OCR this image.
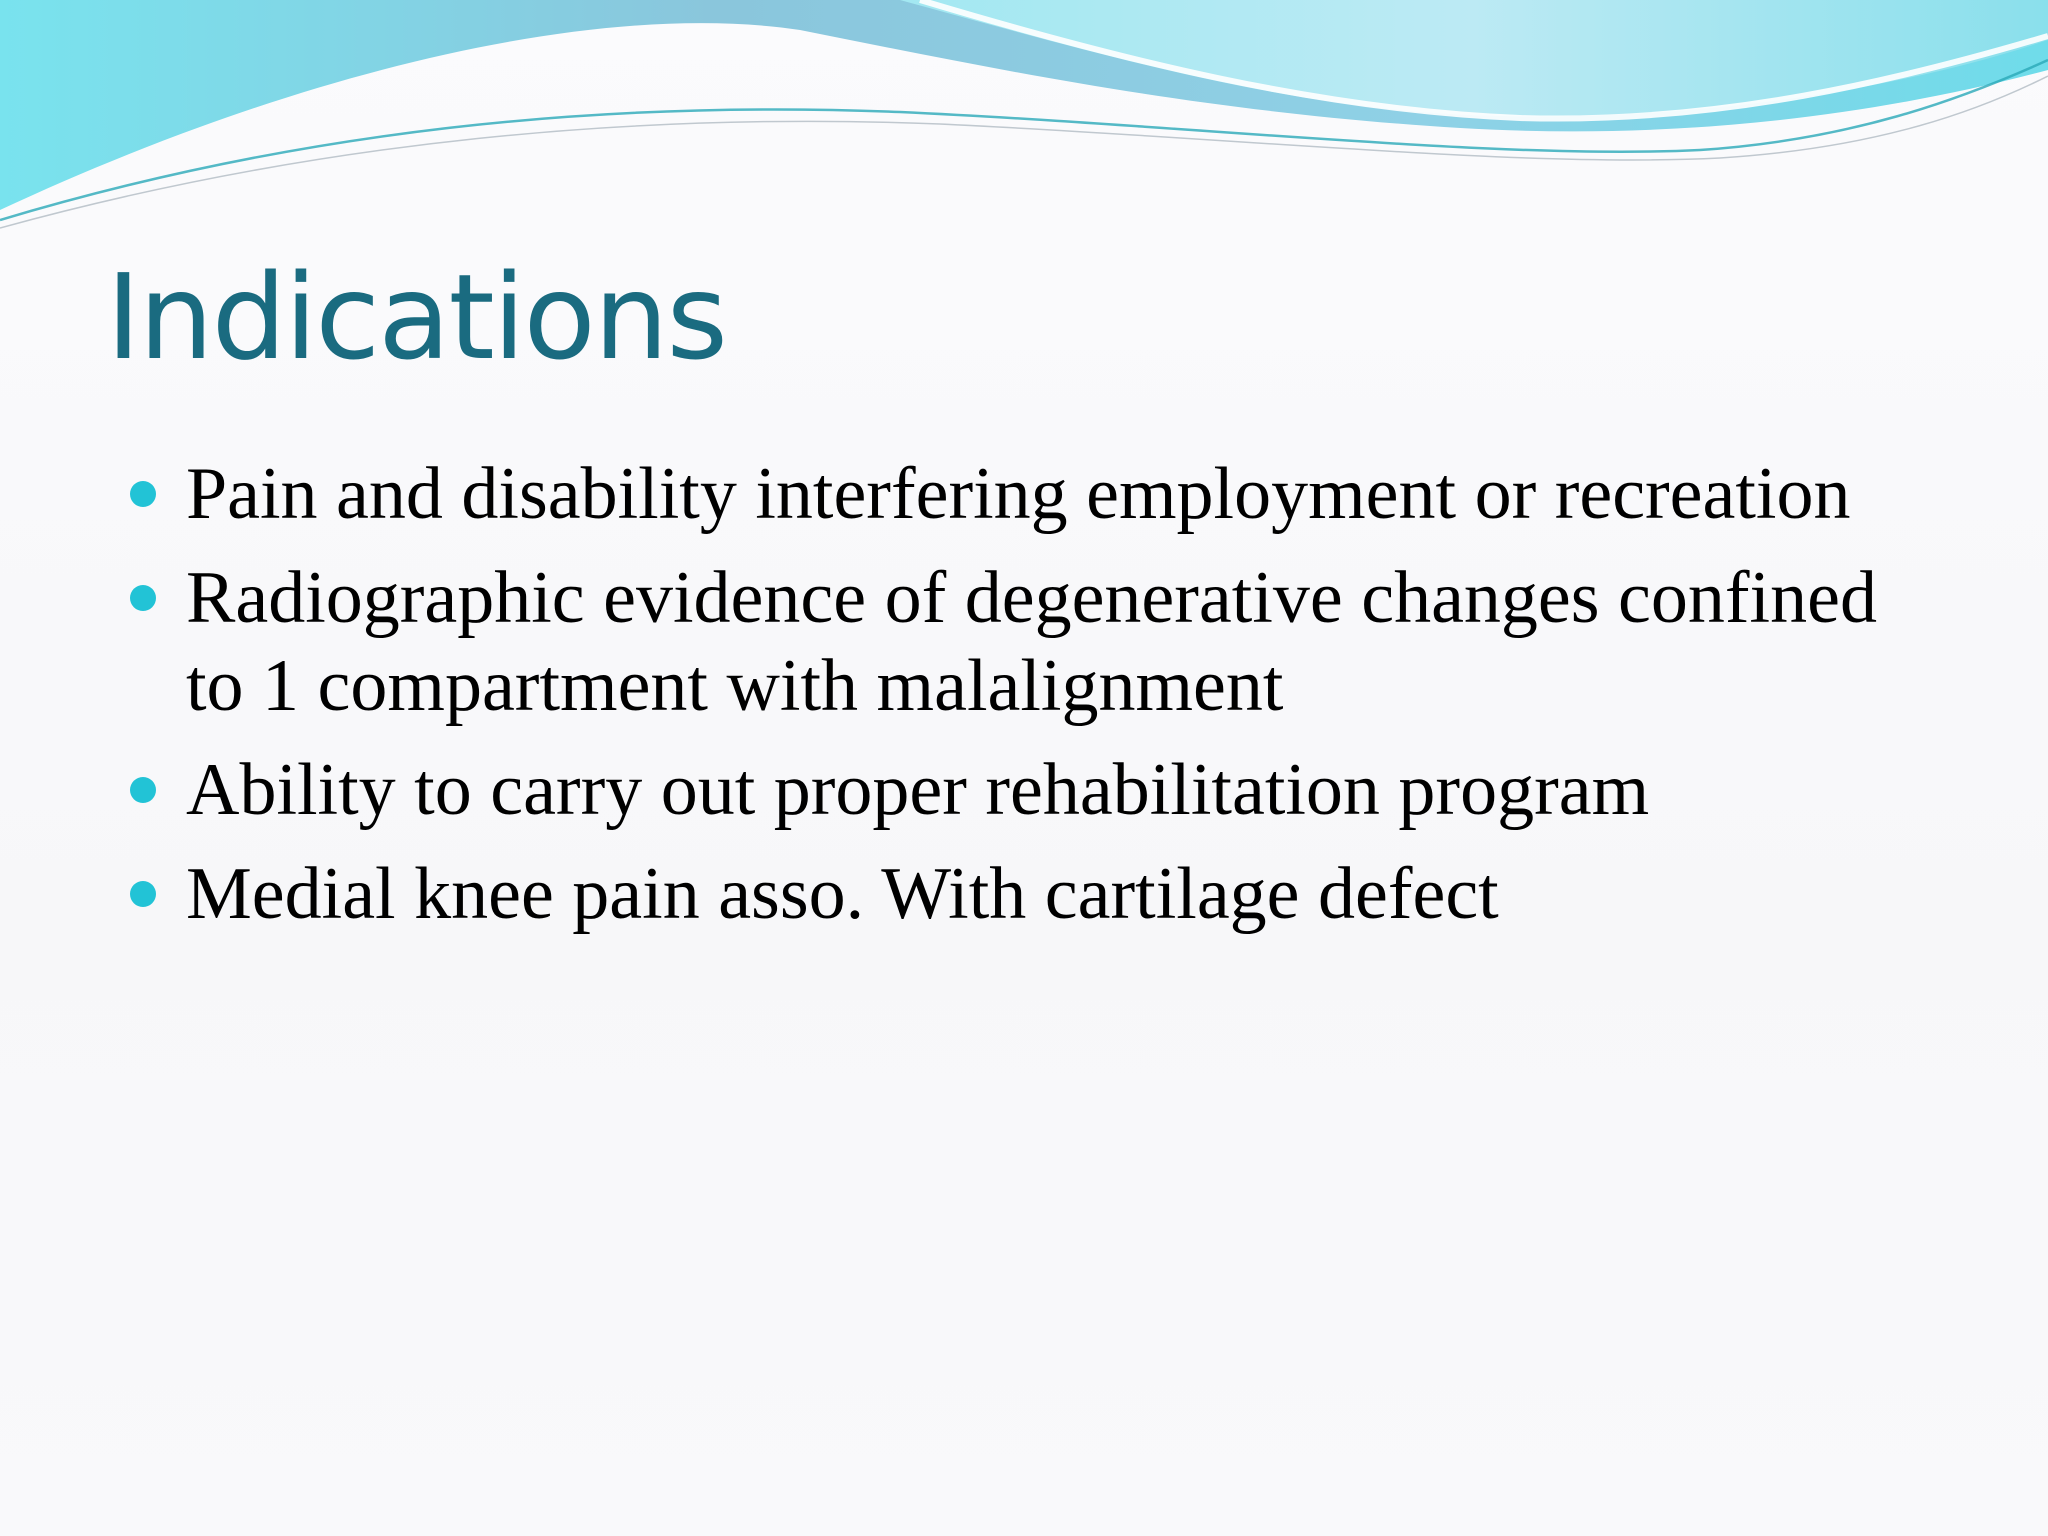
Indications
Pain and disability interfering employment or recreation
Radiographic evidence of degenerative changes confined to 1 compartment with malalignment
Ability to carry out proper rehabilitation program
Medial knee pain asso. With cartilage defect
